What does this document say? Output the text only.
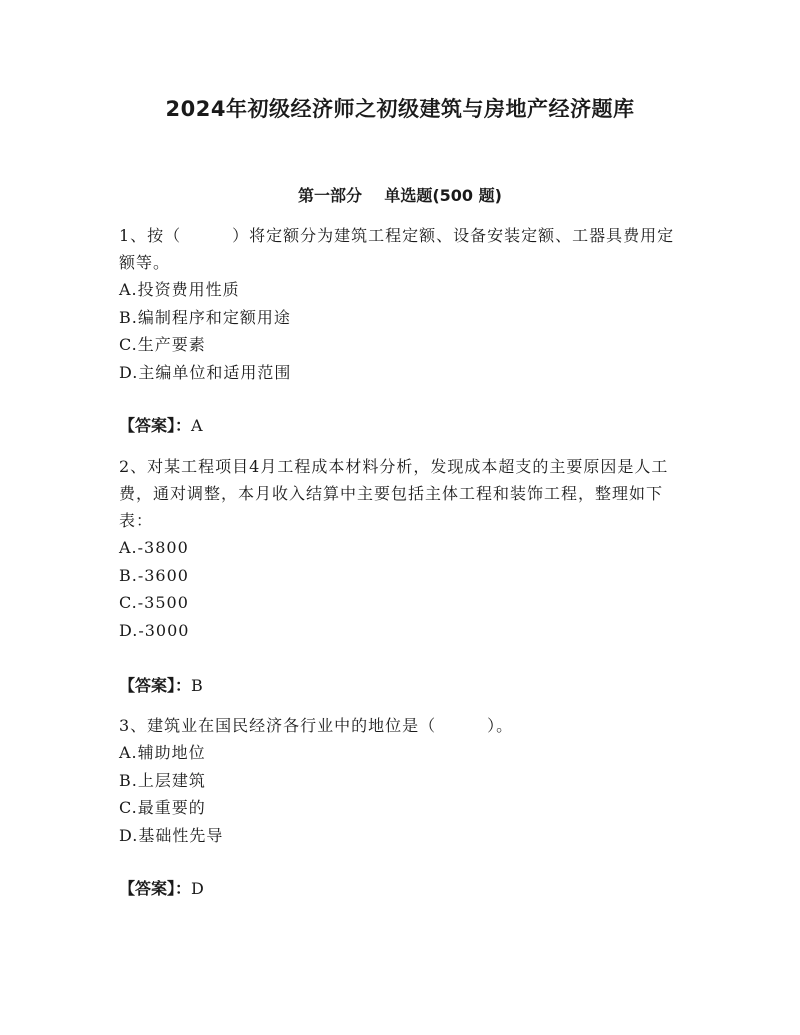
2024年初级经济师之初级建筑与房地产经济题库
第一部分    单选题(500 题)

1、按（　　　）将定额分为建筑工程定额、设备安装定额、工器具费用定额等。

A.投资费用性质
B.编制程序和定额用途
C.生产要素
D.主编单位和适用范围
【答案】：A

2、对某工程项目4月工程成本材料分析，发现成本超支的主要原因是人工费，通对调整，本月收入结算中主要包括主体工程和装饰工程，整理如下表：

A.-3800
B.-3600
C.-3500
D.-3000
【答案】：B

3、建筑业在国民经济各行业中的地位是（　　　）。

A.辅助地位
B.上层建筑
C.最重要的
D.基础性先导
【答案】：D
